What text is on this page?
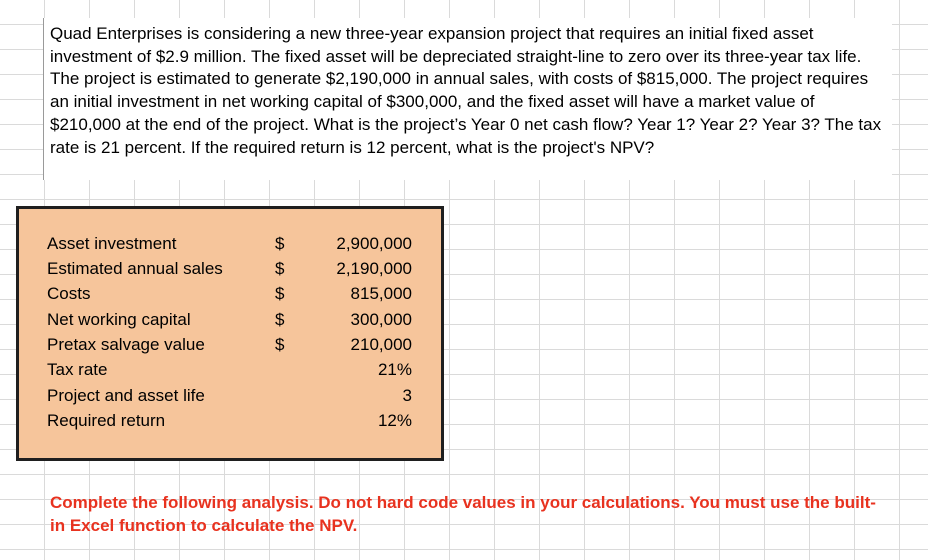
Quad Enterprises is considering a new three-year expansion project that requires an initial fixed asset investment of $2.9 million. The fixed asset will be depreciated straight-line to zero over its three-year tax life. The project is estimated to generate $2,190,000 in annual sales, with costs of $815,000. The project requires an initial investment in net working capital of $300,000, and the fixed asset will have a market value of $210,000 at the end of the project. What is the project’s Year 0 net cash flow? Year 1? Year 2? Year 3? The tax rate is 21 percent. If the required return is 12 percent, what is the project's NPV?

Asset investment	$	2,900,000
Estimated annual sales	$	2,190,000
Costs	$	815,000
Net working capital	$	300,000
Pretax salvage value	$	210,000
Tax rate	21%
Project and asset life	3
Required return	12%

Complete the following analysis. Do not hard code values in your calculations. You must use the built-in Excel function to calculate the NPV.
